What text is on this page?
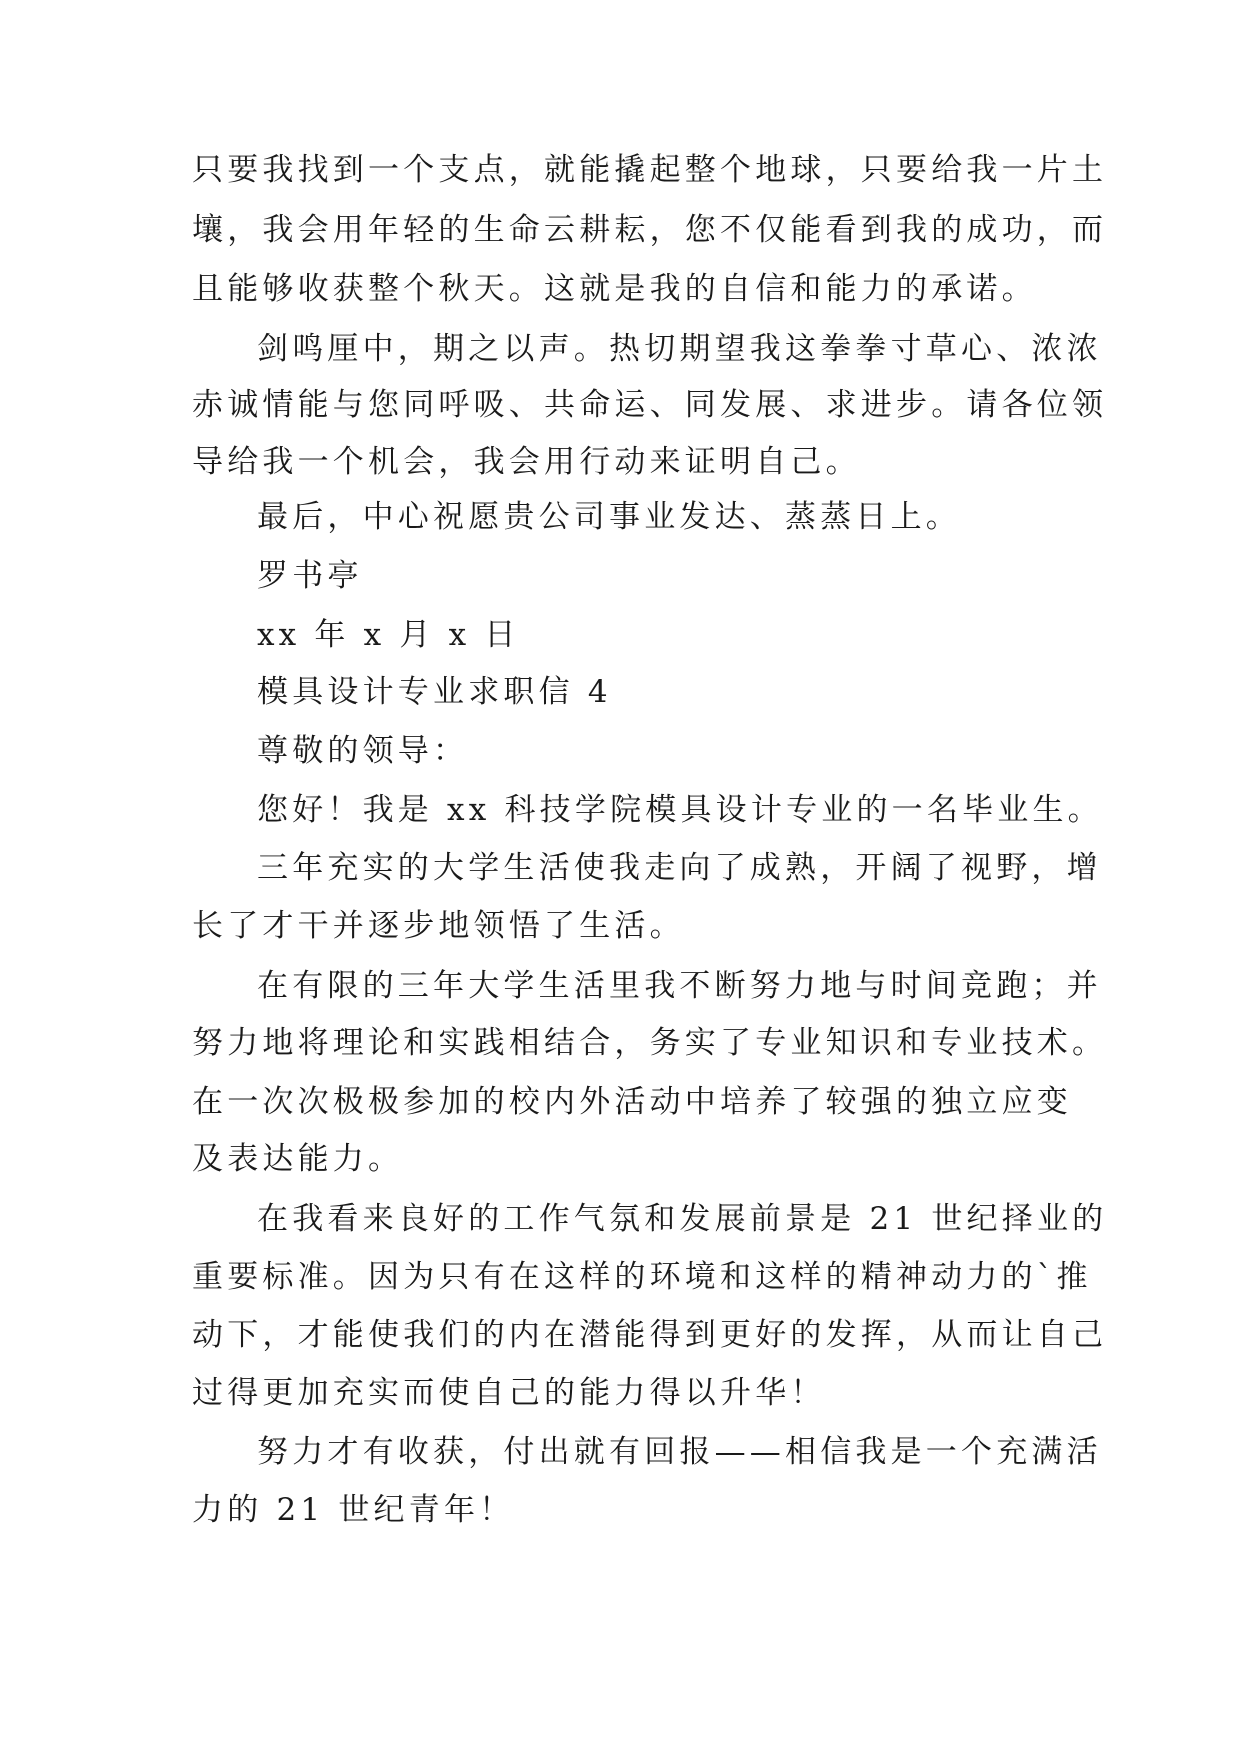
只要我找到一个支点，就能撬起整个地球，只要给我一片土
壤，我会用年轻的生命云耕耘，您不仅能看到我的成功，而
且能够收获整个秋天。这就是我的自信和能力的承诺。
剑鸣厘中，期之以声。热切期望我这拳拳寸草心、浓浓
赤诚情能与您同呼吸、共命运、同发展、求进步。请各位领
导给我一个机会，我会用行动来证明自己。
最后，中心祝愿贵公司事业发达、蒸蒸日上。
罗书亭
xx 年 x 月 x 日
模具设计专业求职信 4
尊敬的领导：
您好！我是 xx 科技学院模具设计专业的一名毕业生。
三年充实的大学生活使我走向了成熟，开阔了视野，增
长了才干并逐步地领悟了生活。
在有限的三年大学生活里我不断努力地与时间竞跑；并
努力地将理论和实践相结合，务实了专业知识和专业技术。
在一次次极极参加的校内外活动中培养了较强的独立应变
及表达能力。
在我看来良好的工作气氛和发展前景是 21 世纪择业的
重要标准。因为只有在这样的环境和这样的精神动力的`推
动下，才能使我们的内在潜能得到更好的发挥，从而让自己
过得更加充实而使自己的能力得以升华！
努力才有收获，付出就有回报——相信我是一个充满活
力的 21 世纪青年！
